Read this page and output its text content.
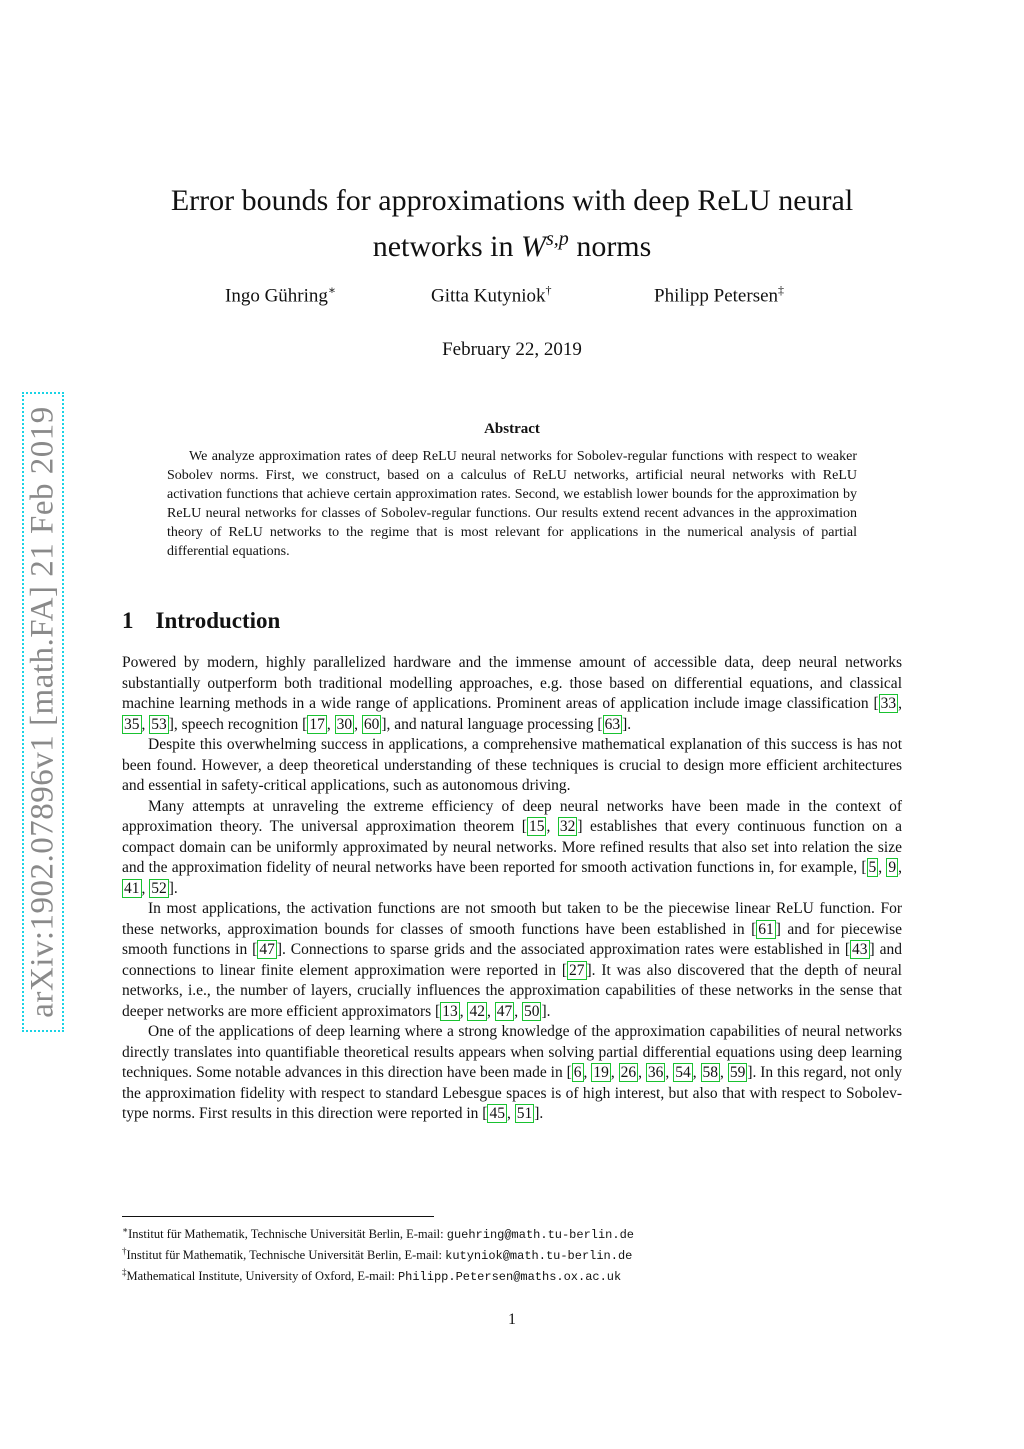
arXiv:1902.07896v1 [math.FA] 21 Feb 2019
Error bounds for approximations with deep ReLU neural
networks in W$^{s,p}$ norms
Ingo Gühring∗	Gitta Kutyniok†	Philipp Petersen‡
February 22, 2019
Abstract
We analyze approximation rates of deep ReLU neural networks for Sobolev-regular functions with respect to weaker Sobolev norms. First, we construct, based on a calculus of ReLU networks, artificial neural networks with ReLU activation functions that achieve certain approximation rates. Second, we establish lower bounds for the approximation by ReLU neural networks for classes of Sobolev-regular functions. Our results extend recent advances in the approximation theory of ReLU networks to the regime that is most relevant for applications in the numerical analysis of partial differential equations.
1 Introduction

Powered by modern, highly parallelized hardware and the immense amount of accessible data, deep neural networks substantially outperform both traditional modelling approaches, e.g. those based on differential equations, and classical machine learning methods in a wide range of applications. Prominent areas of application include image classification [ 33 , 35 , 53 ], speech recognition [ 17 , 30 , 60 ], and natural language processing [ 63 ].

Despite this overwhelming success in applications, a comprehensive mathematical explanation of this success is has not been found. However, a deep theoretical understanding of these techniques is crucial to design more efficient architectures and essential in safety-critical applications, such as autonomous driving.

Many attempts at unraveling the extreme efficiency of deep neural networks have been made in the context of approximation theory. The universal approximation theorem [ 15 , 32 ] establishes that every continuous function on a compact domain can be uniformly approximated by neural networks. More refined results that also set into relation the size and the approximation fidelity of neural networks have been reported for smooth activation functions in, for example, [ 5 , 9 , 41 , 52 ].

In most applications, the activation functions are not smooth but taken to be the piecewise linear ReLU function. For these networks, approximation bounds for classes of smooth functions have been established in [ 61 ] and for piecewise smooth functions in [ 47 ]. Connections to sparse grids and the associated approximation rates were established in [ 43 ] and connections to linear finite element approximation were reported in [ 27 ]. It was also discovered that the depth of neural networks, i.e., the number of layers, crucially influences the approximation capabilities of these networks in the sense that deeper networks are more efficient approximators [ 13 , 42 , 47 , 50 ].

One of the applications of deep learning where a strong knowledge of the approximation capabilities of neural networks directly translates into quantifiable theoretical results appears when solving partial differential equations using deep learning techniques. Some notable advances in this direction have been made in [ 6 , 19 , 26 , 36 , 54 , 58 , 59 ]. In this regard, not only the approximation fidelity with respect to standard Lebesgue spaces is of high interest, but also that with respect to Sobolev-type norms. First results in this direction were reported in [ 45 , 51 ].

∗Institut für Mathematik, Technische Universität Berlin, E-mail: guehring@math.tu-berlin.de
†Institut für Mathematik, Technische Universität Berlin, E-mail: kutyniok@math.tu-berlin.de
‡Mathematical Institute, University of Oxford, E-mail: Philipp.Petersen@maths.ox.ac.uk
1
